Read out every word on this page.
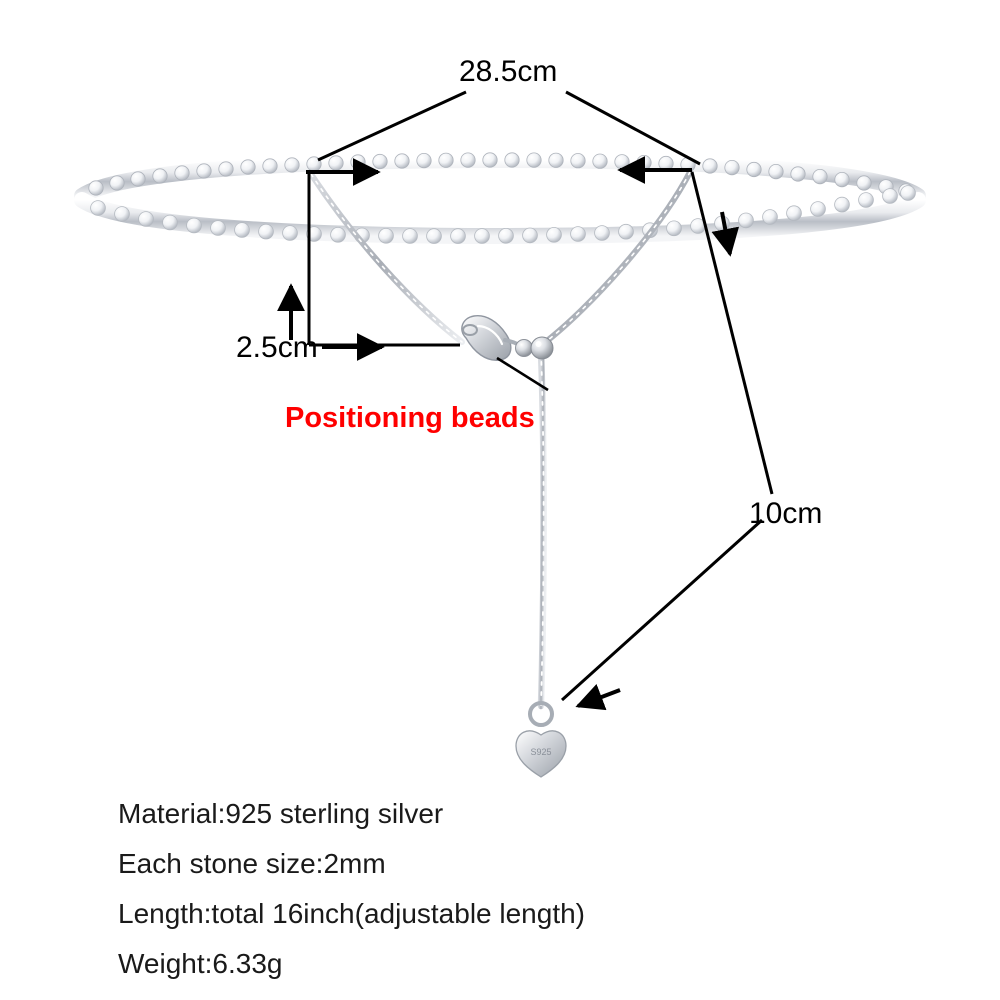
S925
28.5cm
2.5cm
10cm
Positioning beads
Material:925 sterling silver
Each stone size:2mm
Length:total 16inch(adjustable length)
Weight:6.33g
